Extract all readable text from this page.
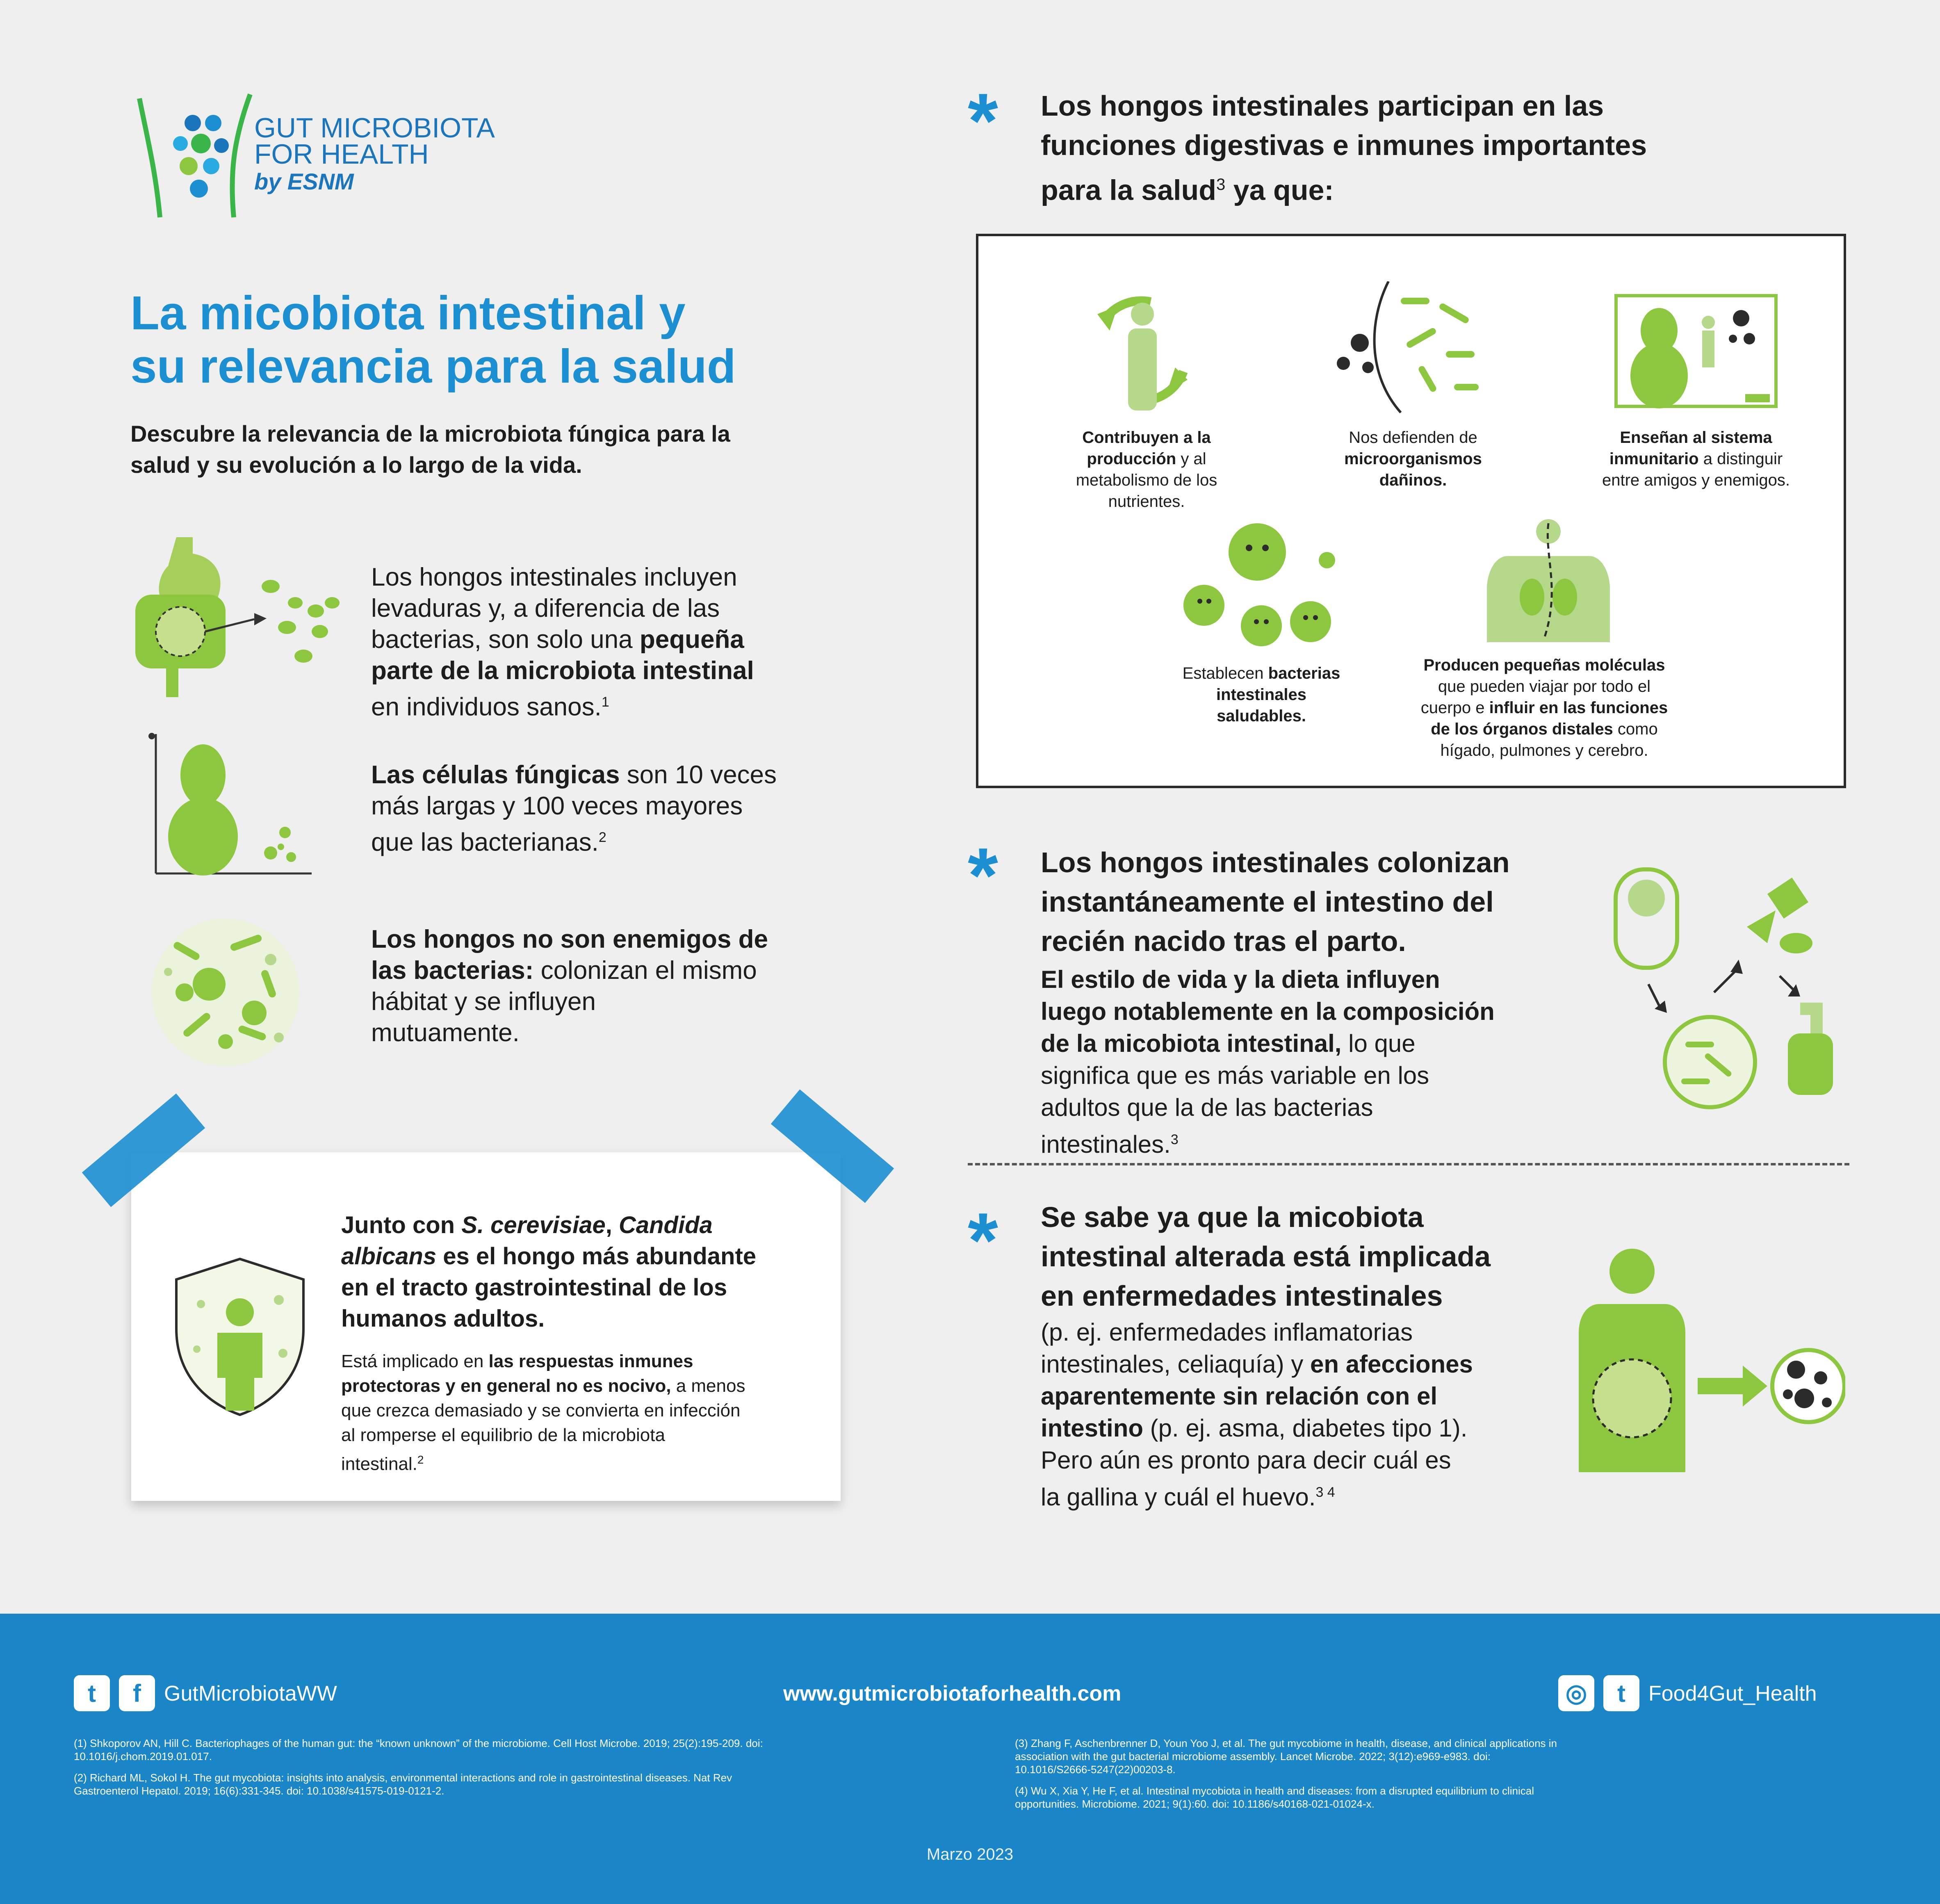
GUT MICROBIOTA
FOR HEALTH
by ESNM
La micobiota intestinal y
su relevancia para la salud
Descubre la relevancia de la microbiota fúngica para la
salud y su evolución a lo largo de la vida.
Los hongos intestinales incluyen
levaduras y, a diferencia de las
bacterias, son solo una pequeña
parte de la microbiota intestinal
en individuos sanos.$^1$
Las células fúngicas son 10 veces
más largas y 100 veces mayores
que las bacterianas.$^2$
Los hongos no son enemigos de
las bacterias: colonizan el mismo
hábitat y se influyen
mutuamente.
Junto con S. cerevisiae, Candida
albicans es el hongo más abundante
en el tracto gastrointestinal de los
humanos adultos.
Está implicado en las respuestas inmunes
protectoras y en general no es nocivo, a menos
que crezca demasiado y se convierta en infección
al romperse el equilibrio de la microbiota
intestinal.$^2$
* Los hongos intestinales participan en las
funciones digestivas e inmunes importantes
para la salud$^3$ ya que:
Contribuyen a la
producción y al
metabolismo de los
nutrientes.
Nos defienden de
microorganismos
dañinos.
Enseñan al sistema
inmunitario a distinguir
entre amigos y enemigos.
Establecen bacterias
intestinales
saludables.
Producen pequeñas moléculas
que pueden viajar por todo el
cuerpo e influir en las funciones
de los órganos distales como
hígado, pulmones y cerebro.
* Los hongos intestinales colonizan
instantáneamente el intestino del
recién nacido tras el parto.
El estilo de vida y la dieta influyen
luego notablemente en la composición
de la micobiota intestinal, lo que
significa que es más variable en los
adultos que la de las bacterias
intestinales.$^3$
* Se sabe ya que la micobiota
intestinal alterada está implicada
en enfermedades intestinales
(p. ej. enfermedades inflamatorias
intestinales, celiaquía) y en afecciones
aparentemente sin relación con el
intestino (p. ej. asma, diabetes tipo 1).
Pero aún es pronto para decir cuál es
la gallina y cuál el huevo.$^{3 4}$
t	f	GutMicrobiotaWW	www.gutmicrobiotaforhealth.com	◎	t	Food4Gut_Health
(1) Shkoporov AN, Hill C. Bacteriophages of the human gut: the “known unknown” of the microbiome. Cell Host Microbe. 2019; 25(2):195-209. doi:
10.1016/j.chom.2019.01.017.
(2) Richard ML, Sokol H. The gut mycobiota: insights into analysis, environmental interactions and role in gastrointestinal diseases. Nat Rev
Gastroenterol Hepatol. 2019; 16(6):331-345. doi: 10.1038/s41575-019-0121-2.
(3) Zhang F, Aschenbrenner D, Youn Yoo J, et al. The gut mycobiome in health, disease, and clinical applications in
association with the gut bacterial microbiome assembly. Lancet Microbe. 2022; 3(12):e969-e983. doi:
10.1016/S2666-5247(22)00203-8.
(4) Wu X, Xia Y, He F, et al. Intestinal mycobiota in health and diseases: from a disrupted equilibrium to clinical
opportunities. Microbiome. 2021; 9(1):60. doi: 10.1186/s40168-021-01024-x.
Marzo 2023
